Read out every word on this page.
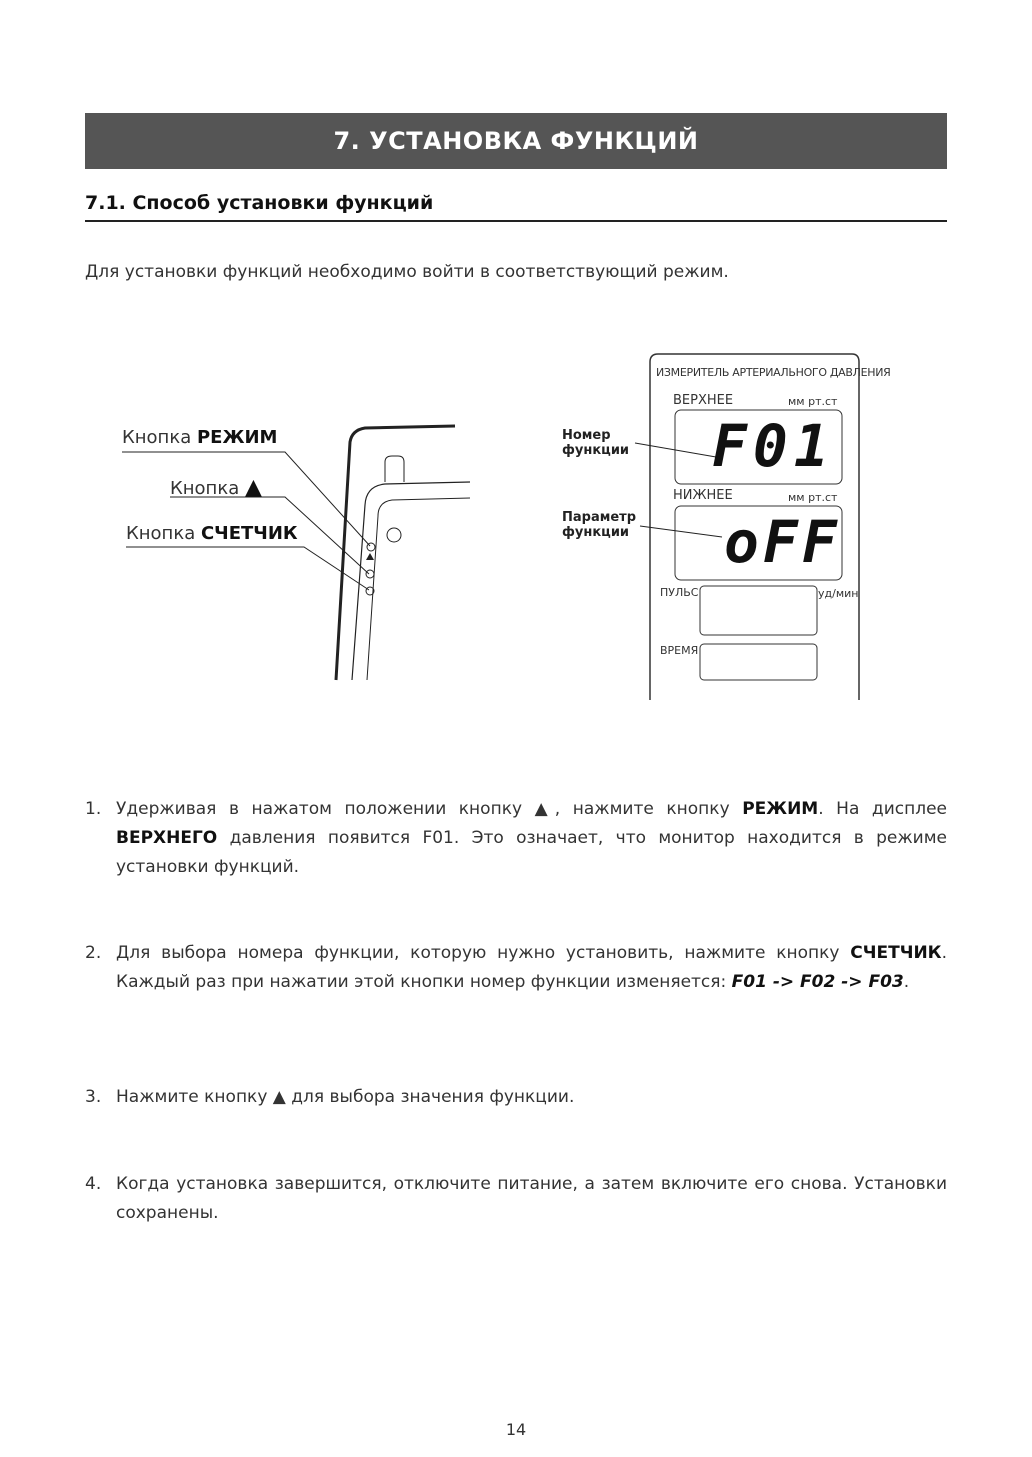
7. УСТАНОВКА ФУНКЦИЙ
7.1. Способ установки функций
Для установки функций необходимо войти в соответствующий режим.
Кнопка РЕЖИМ
Кнопка ▲
Кнопка СЧЕТЧИК
Номер функции
Параметр функции
ИЗМЕРИТЕЛЬ АРТЕРИАЛЬНОГО ДАВЛЕНИЯ
ВЕРХНЕЕ	мм рт.ст
F01
НИЖНЕЕ	мм рт.ст
oFF
ПУЛЬС	уд/мин
ВРЕМЯ
1. Удерживая в нажатом положении кнопку ▲, нажмите кнопку РЕЖИМ. На дисплее ВЕРХНЕГО давления появится F01. Это означает, что монитор находится в режиме установки функций.
2. Для выбора номера функции, которую нужно установить, нажмите кнопку СЧЕТЧИК. Каждый раз при нажатии этой кнопки номер функции изменяется: F01 -> F02 -> F03.
3. Нажмите кнопку ▲ для выбора значения функции.
4. Когда установка завершится, отключите питание, а затем включите его снова. Установки сохранены.
14
